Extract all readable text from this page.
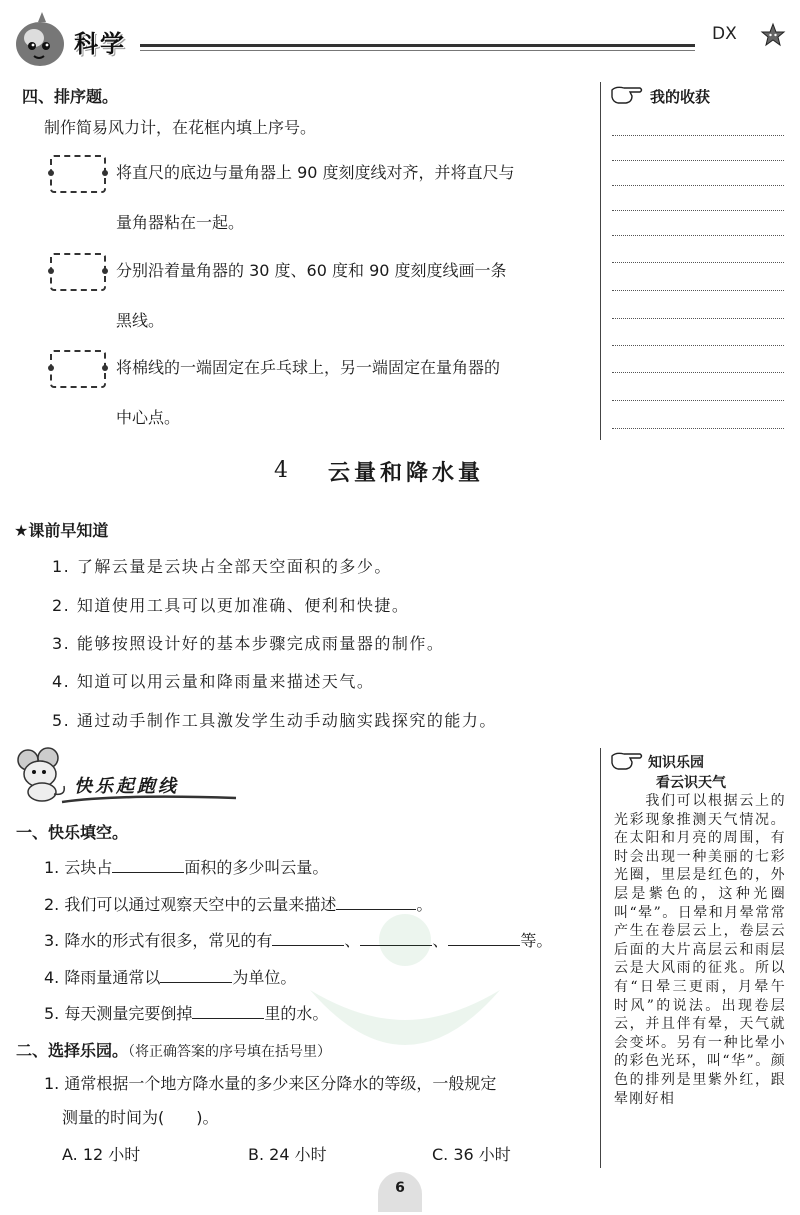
科学	DX
我的收获
四、排序题。
制作简易风力计，在花框内填上序号。
将直尺的底边与量角器上 90 度刻度线对齐，并将直尺与
量角器粘在一起。
分别沿着量角器的 30 度、60 度和 90 度刻度线画一条
黑线。
将棉线的一端固定在乒乓球上，另一端固定在量角器的
中心点。
4 云量和降水量
★课前早知道
1. 了解云量是云块占全部天空面积的多少。
2. 知道使用工具可以更加准确、便利和快捷。
3. 能够按照设计好的基本步骤完成雨量器的制作。
4. 知道可以用云量和降雨量来描述天气。
5. 通过动手制作工具激发学生动手动脑实践探究的能力。
快乐起跑线
一、快乐填空。
1. 云块占	面积的多少叫云量。
2. 我们可以通过观察天空中的云量来描述	。
3. 降水的形式有很多，常见的有	、	、	等。
4. 降雨量通常以	为单位。
5. 每天测量完要倒掉	里的水。
二、选择乐园。（将正确答案的序号填在括号里）
1. 通常根据一个地方降水量的多少来区分降水的等级，一般规定
测量的时间为(　　)。
A. 12 小时	B. 24 小时	C. 36 小时
知识乐园
看云识天气
　　我们可以根据云上的光彩现象推测天气情况。在太阳和月亮的周围，有时会出现一种美丽的七彩光圈，里层是红色的，外层是紫色的，这种光圈叫“晕”。日晕和月晕常常产生在卷层云上，卷层云后面的大片高层云和雨层云是大风雨的征兆。所以有“日晕三更雨，月晕午时风”的说法。出现卷层云，并且伴有晕，天气就会变坏。另有一种比晕小的彩色光环，叫“华”。颜色的排列是里紫外红，跟晕刚好相
6
